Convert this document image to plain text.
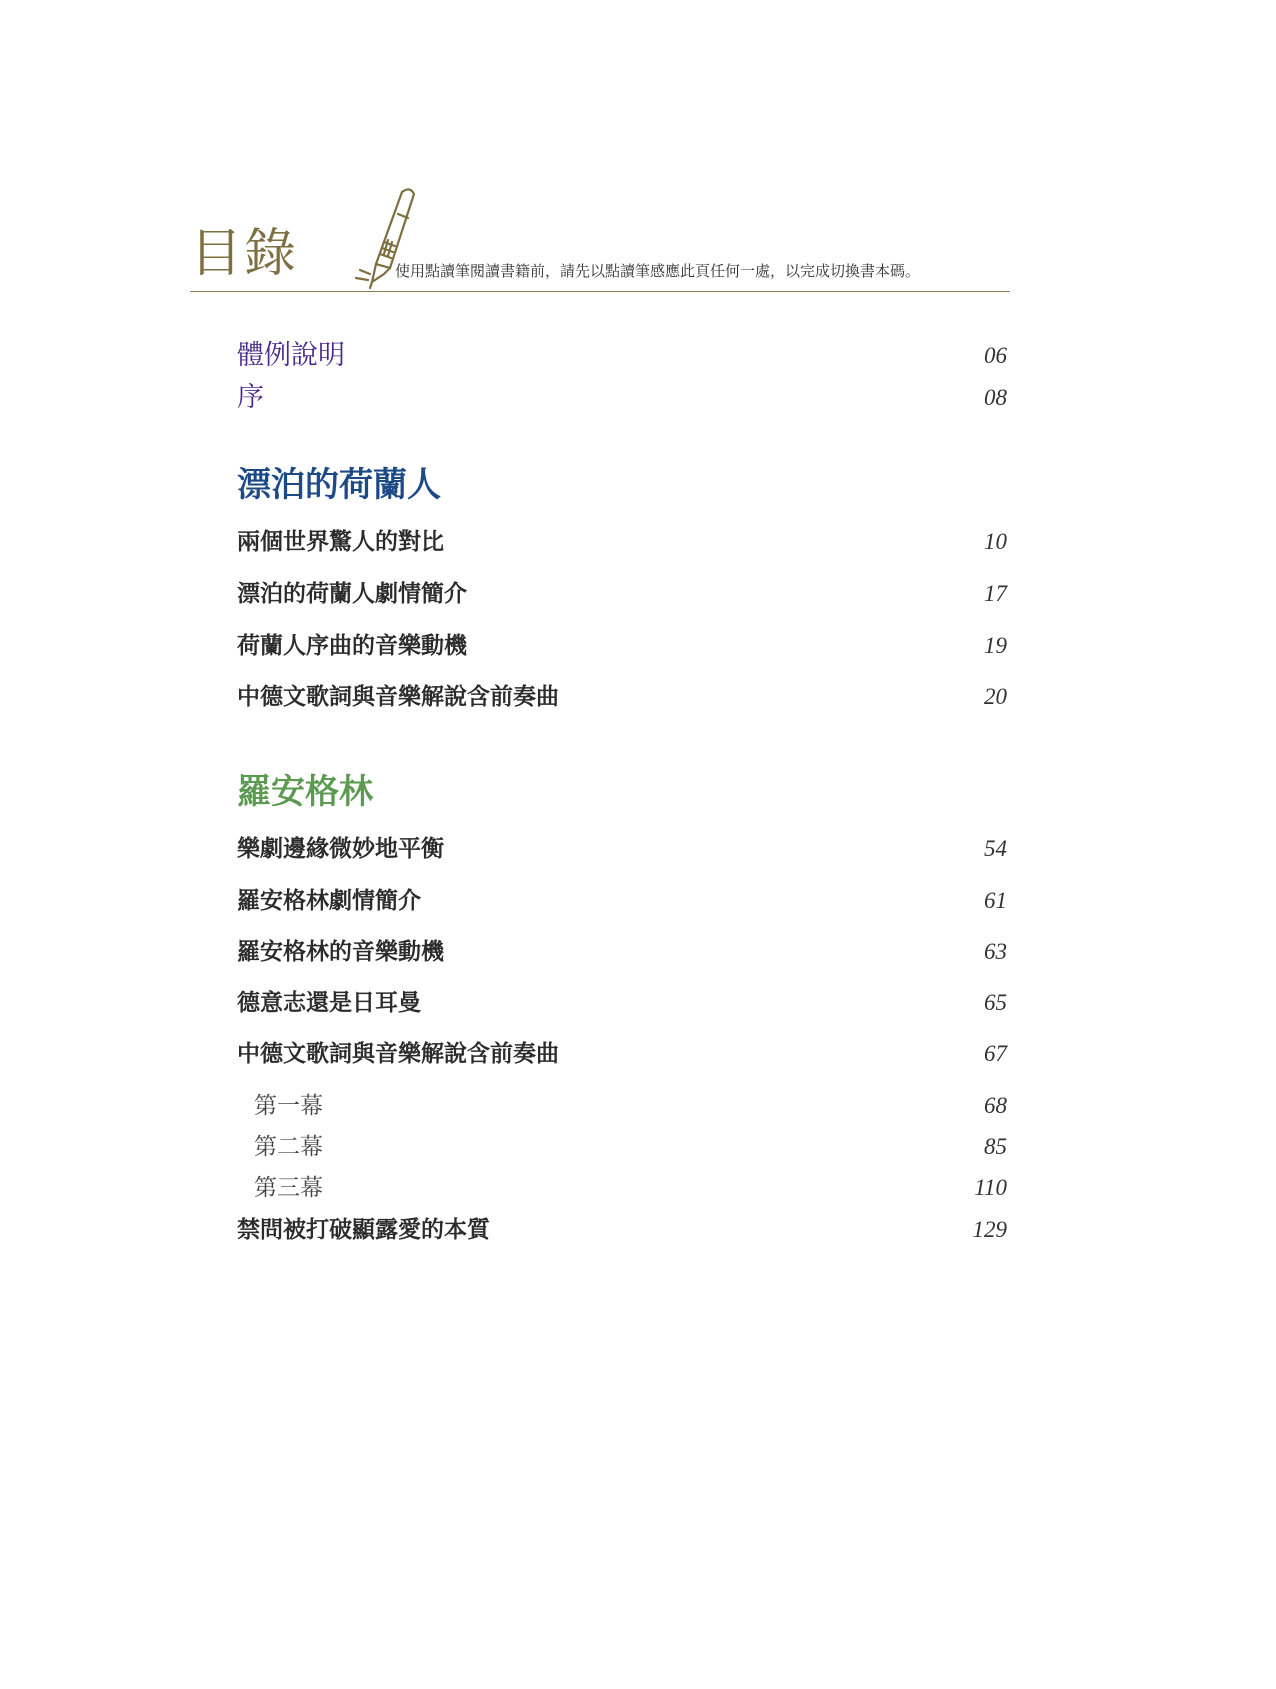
目錄	使用點讀筆閱讀書籍前，請先以點讀筆感應此頁任何一處，以完成切換書本碼。
體例說明	06
序	08
漂泊的荷蘭人
兩個世界驚人的對比	10
漂泊的荷蘭人劇情簡介	17
荷蘭人序曲的音樂動機	19
中德文歌詞與音樂解說含前奏曲	20
羅安格林
樂劇邊緣微妙地平衡	54
羅安格林劇情簡介	61
羅安格林的音樂動機	63
德意志還是日耳曼	65
中德文歌詞與音樂解說含前奏曲	67
第一幕	68
第二幕	85
第三幕	110
禁問被打破顯露愛的本質	129
